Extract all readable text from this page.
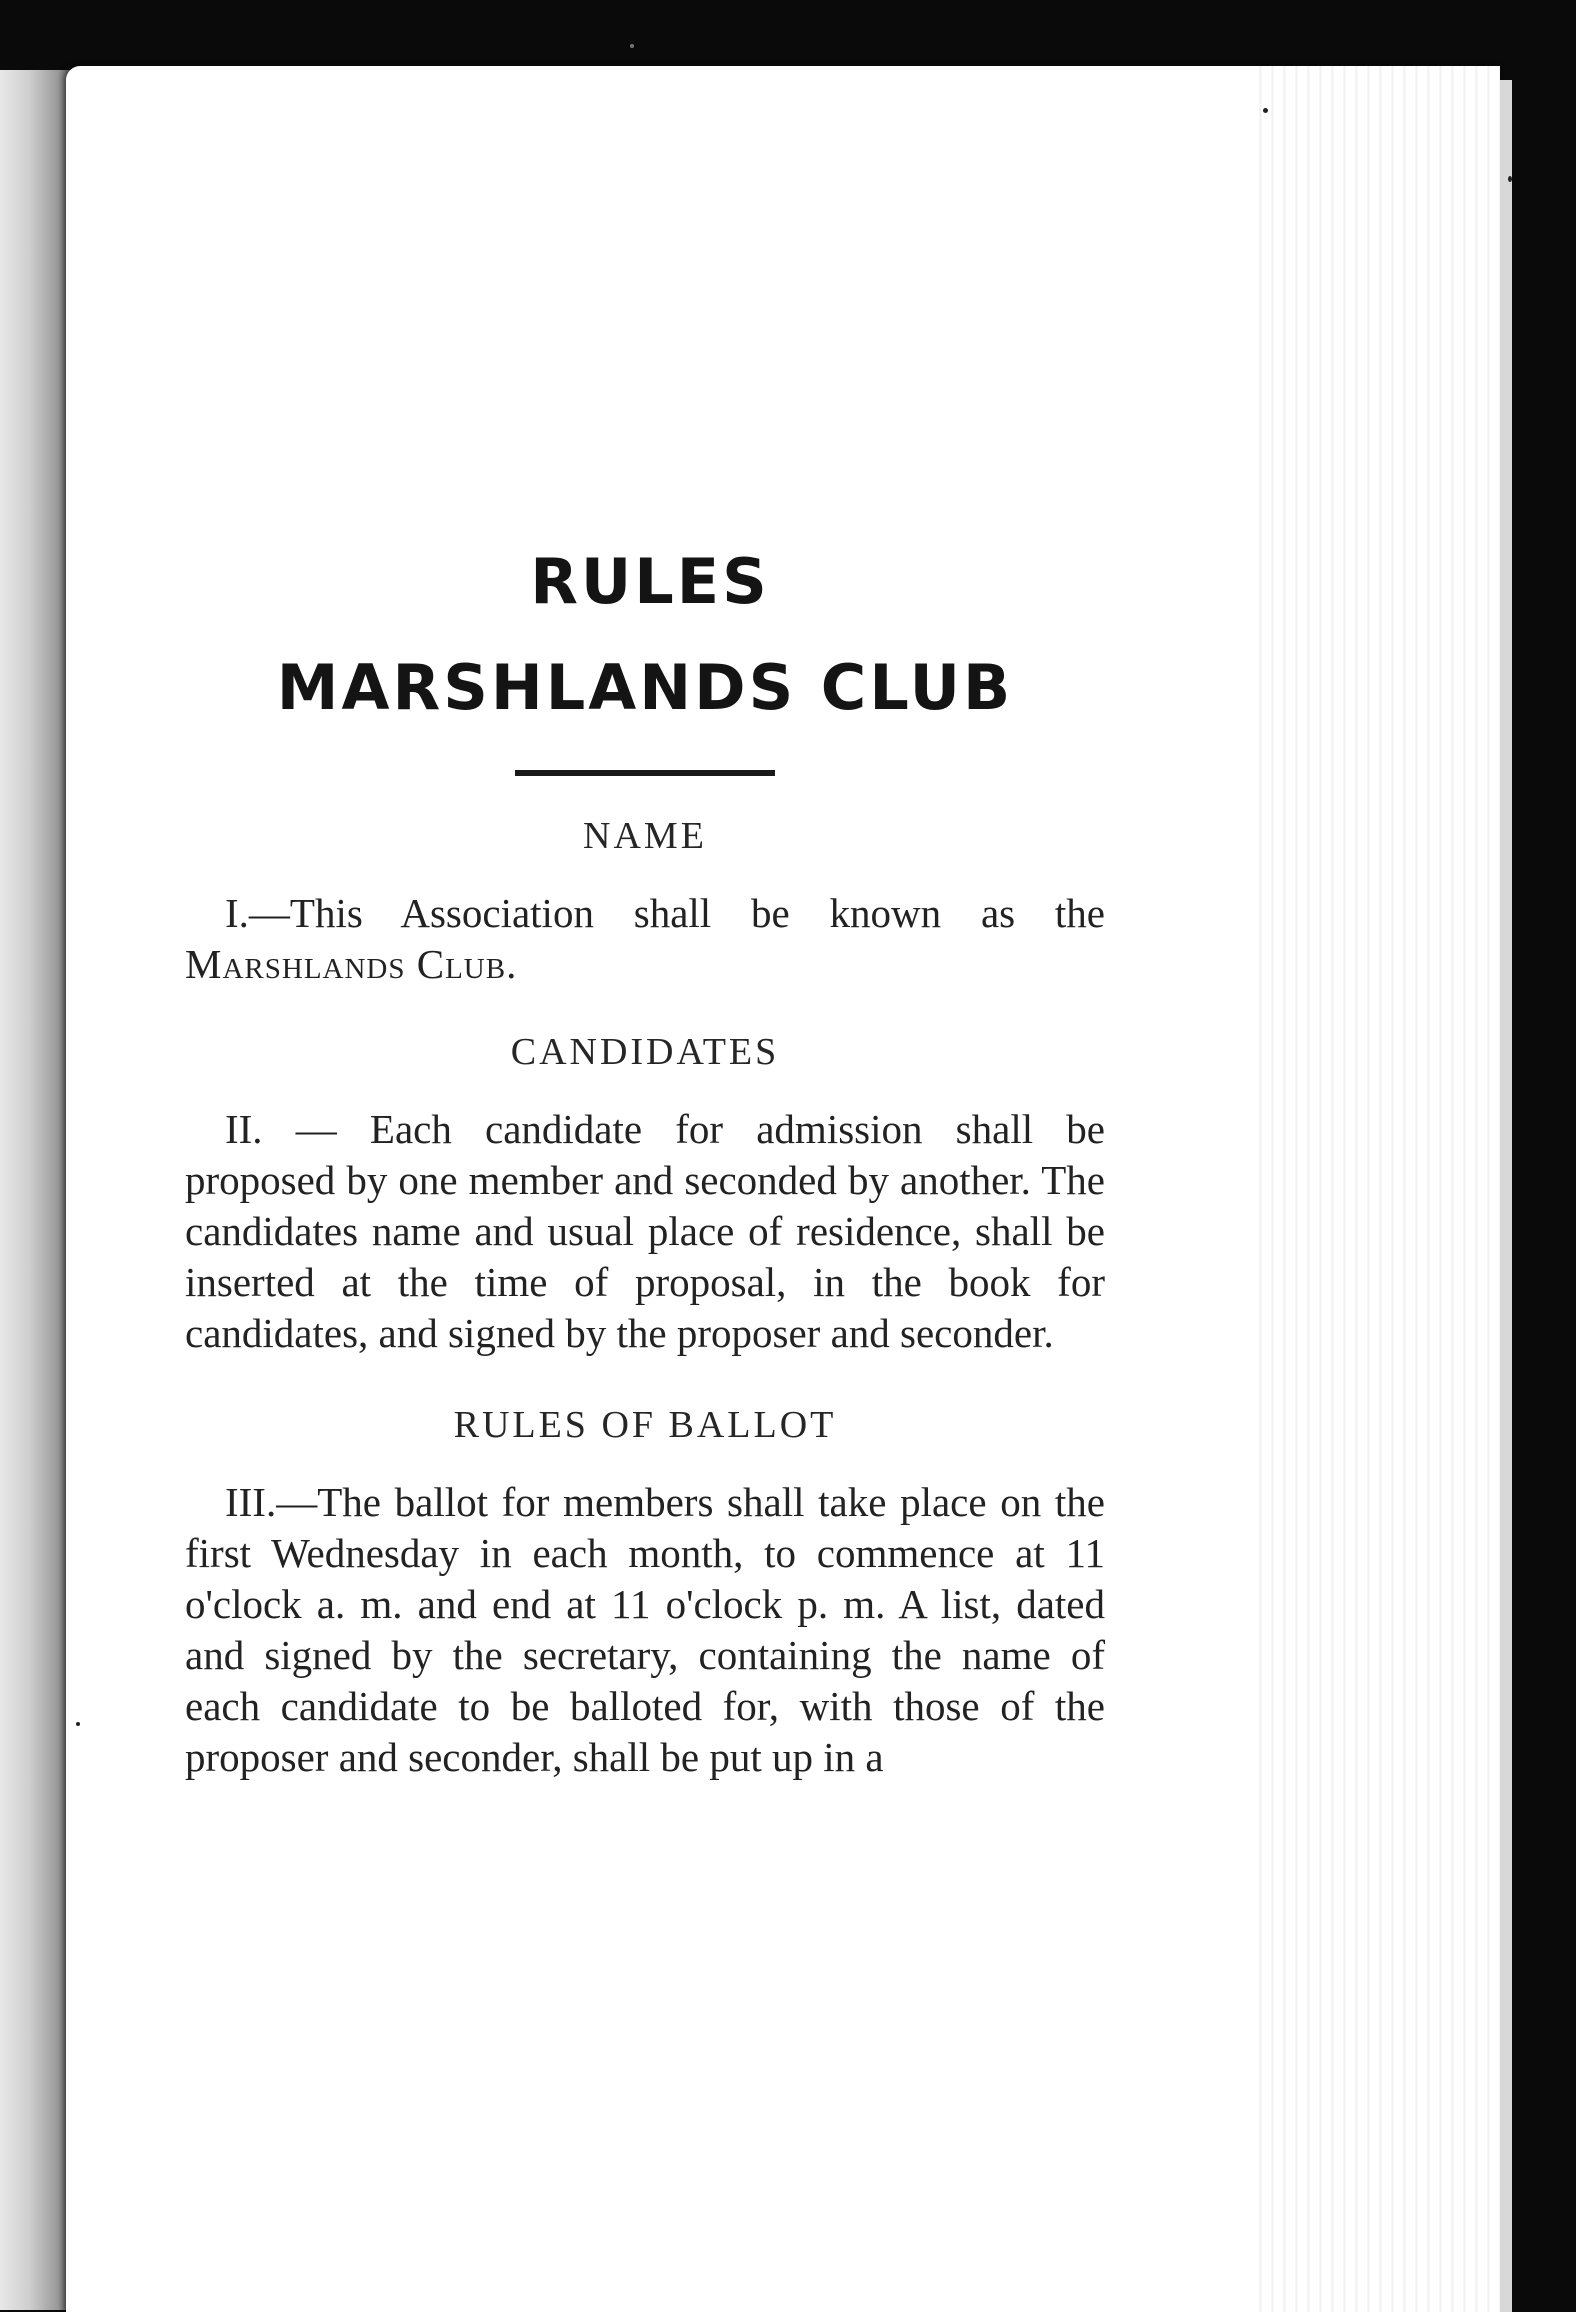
RULES
MARSHLANDS CLUB
NAME
I.—This Association shall be known as the Marshlands Club.
CANDIDATES
II. — Each candidate for admission shall be proposed by one member and seconded by another. The candidates name and usual place of residence, shall be inserted at the time of proposal, in the book for candidates, and signed by the proposer and seconder.
RULES OF BALLOT
III.—The ballot for members shall take place on the first Wednesday in each month, to commence at 11 o'clock a. m. and end at 11 o'clock p. m. A list, dated and signed by the secretary, containing the name of each candidate to be balloted for, with those of the proposer and seconder, shall be put up in a
